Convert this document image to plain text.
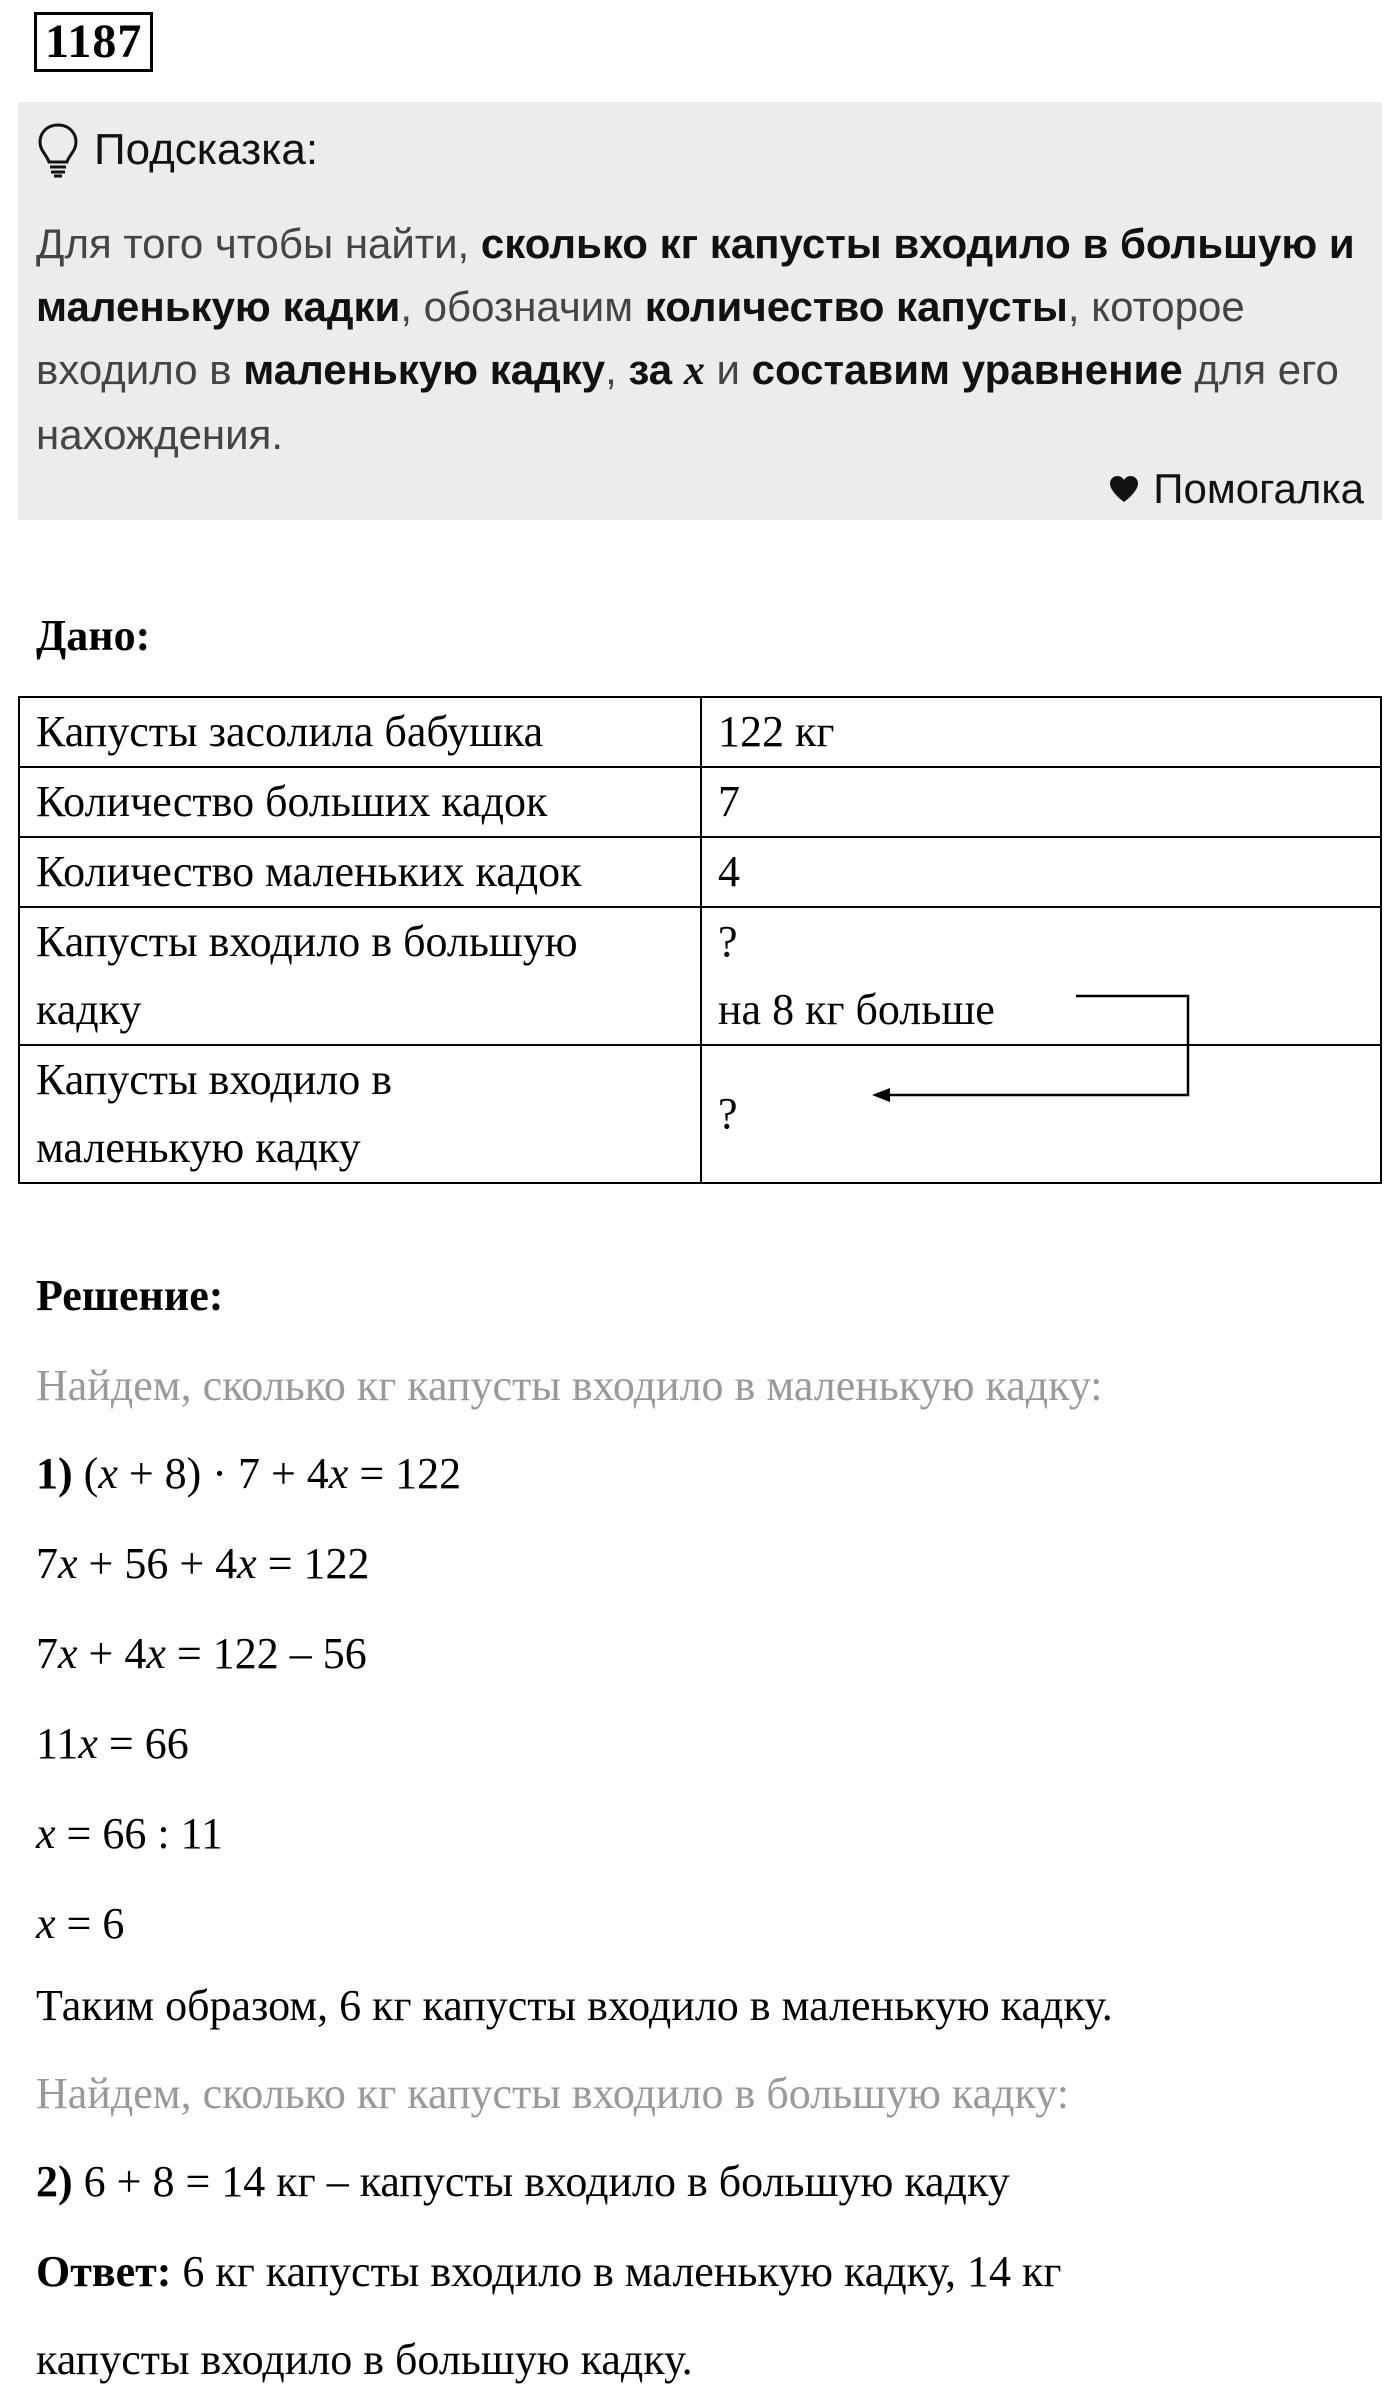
1187
Подсказка:
Для того чтобы найти, сколько кг капусты входило в большую и маленькую кадки, обозначим количество капусты, которое входило в маленькую кадку, за x и составим уравнение для его нахождения.
Помогалка
Дано:
Капусты засолила бабушка	122 кг
Количество больших кадок	7
Количество маленьких кадок	4
Капусты входило в большую
кадку	?
на 8 кг больше
Капусты входило в
маленькую кадку	?
Решение:
Найдем, сколько кг капусты входило в маленькую кадку:
1) (x + 8) · 7 + 4x = 122
7x + 56 + 4x = 122
7x + 4x = 122 – 56
11x = 66
x = 66 : 11
x = 6
Таким образом, 6 кг капусты входило в маленькую кадку.
Найдем, сколько кг капусты входило в большую кадку:
2) 6 + 8 = 14 кг – капусты входило в большую кадку
Ответ: 6 кг капусты входило в маленькую кадку, 14 кг
капусты входило в большую кадку.
